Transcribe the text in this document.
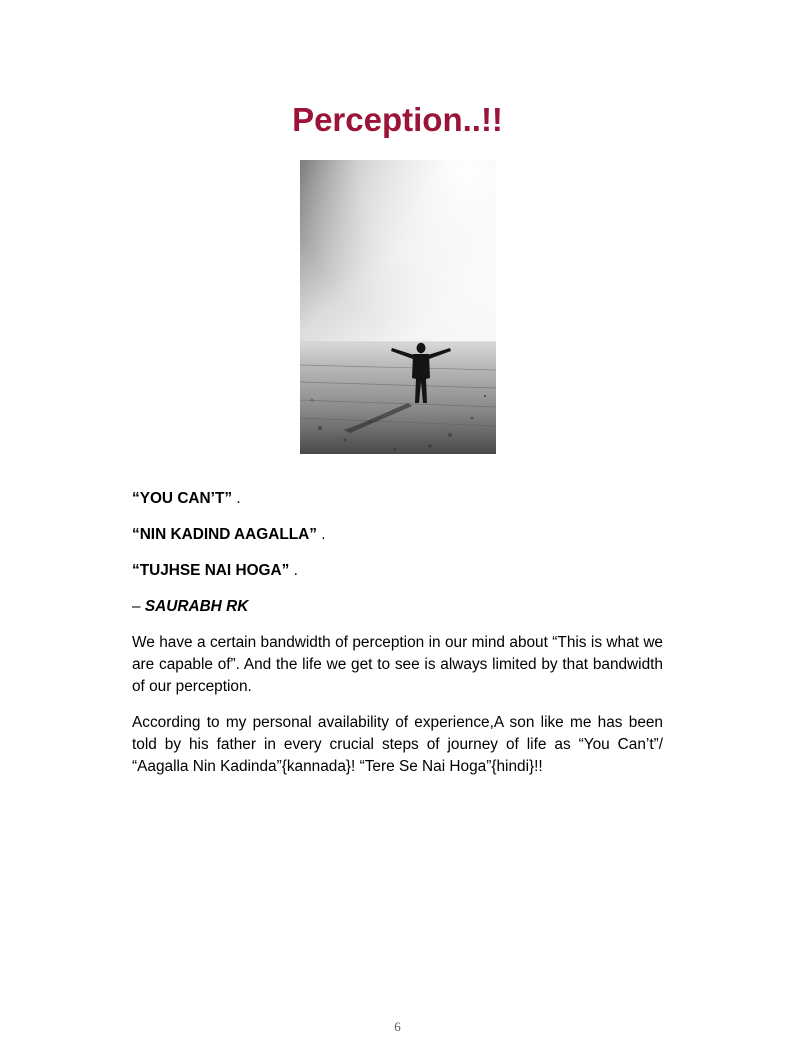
Perception..!!

“YOU CAN’T” .

“NIN KADIND AAGALLA” .

“TUJHSE NAI HOGA” .

– SAURABH RK

We have a certain bandwidth of perception in our mind about “This is what we are capable of”. And the life we get to see is always limited by that bandwidth of our perception.

According to my personal availability of experience,A son like me has been told by his father in every crucial steps of journey of life as “You Can’t”/ “Aagalla Nin Kadinda”{kannada}! “Tere Se Nai Hoga”{hindi}!!

6
